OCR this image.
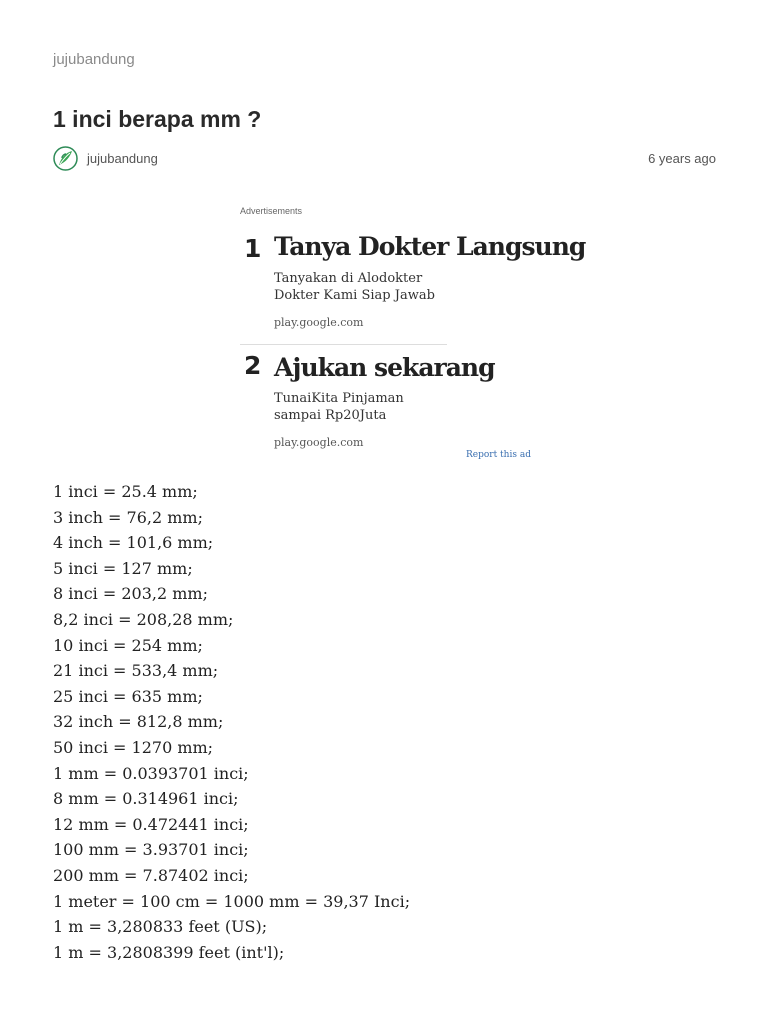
jujubandung
1 inci berapa mm ?
jujubandung	6 years ago
Advertisements
1 Tanya Dokter Langsung
Tanyakan di Alodokter
Dokter Kami Siap Jawab
play.google.com
2 Ajukan sekarang
TunaiKita Pinjaman
sampai Rp20Juta
play.google.com
Report this ad
1 inci = 25.4 mm;
3 inch = 76,2 mm;
4 inch = 101,6 mm;
5 inci = 127 mm;
8 inci = 203,2 mm;
8,2 inci = 208,28 mm;
10 inci = 254 mm;
21 inci = 533,4 mm;
25 inci = 635 mm;
32 inch = 812,8 mm;
50 inci = 1270 mm;
1 mm = 0.0393701 inci;
8 mm = 0.314961 inci;
12 mm = 0.472441 inci;
100 mm = 3.93701 inci;
200 mm = 7.87402 inci;
1 meter = 100 cm = 1000 mm = 39,37 Inci;
1 m = 3,280833 feet (US);
1 m = 3,2808399 feet (int'l);
